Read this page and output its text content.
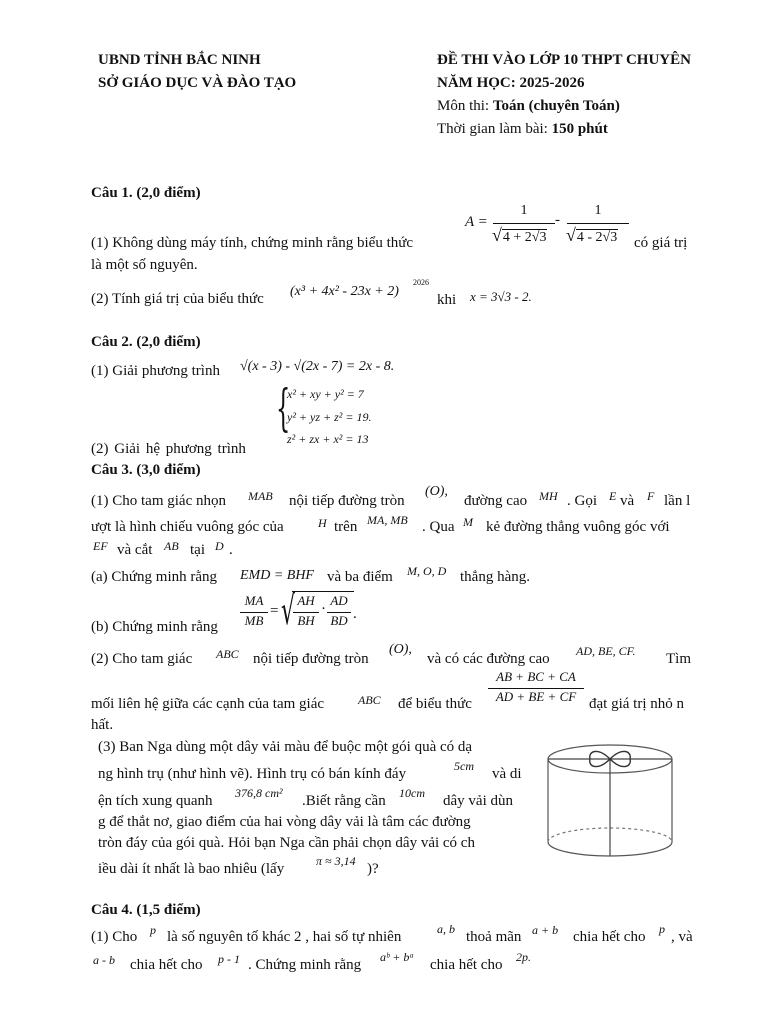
UBND TỈNH BẮC NINH
SỞ GIÁO DỤC VÀ ĐÀO TẠO
ĐỀ THI VÀO LỚP 10 THPT CHUYÊN
NĂM HỌC: 2025-2026
Môn thi: Toán (chuyên Toán)
Thời gian làm bài: 150 phút
Câu 1. (2,0 điểm)
A =
1
√4 + 2√3
-
1
√4 - 2√3
(1) Không dùng máy tính, chứng minh rằng biểu thức	có giá trị
là một số nguyên.
(2) Tính giá trị của biểu thức (x³ + 4x² - 23x + 2)
2026
khi x = 3√3 - 2.
Câu 2. (2,0 điểm)
(1) Giải phương trình √(x - 3) - √(2x - 7) = 2x - 8.
{
x² + xy + y² = 7
y² + yz + z² = 19.
z² + zx + x² = 13
(2) Giải hệ phương trình
Câu 3. (3,0 điểm)
(1) Cho tam giác nhọn MAB nội tiếp đường tròn
(O),
đường cao MH . Gọi E và F lần l
ượt là hình chiếu vuông góc của	H trên MA, MB . Qua M kẻ đường thẳng vuông góc với
EF và cắt AB tại D .
(a) Chứng minh rằng EMD = BHF và ba điểm M, O, D thẳng hàng.
(b) Chứng minh rằng
MA
MB
= √ AH
BH
·
AD
BD .
(2) Cho tam giác ABC nội tiếp đường tròn
(O),
và có các đường cao AD, BE, CF. Tìm
mối liên hệ giữa các cạnh của tam giác	ABC để biểu thức
AB + BC + CA
AD + BE + CF đạt giá trị nhỏ n
hất.
(3) Ban Nga dùng một dây vải màu để buộc một gói quà có dạ
ng hình trụ (như hình vẽ). Hình trụ có bán kính đáy	5cm và di
ện tích xung quanh 376,8 cm² .Biết rằng cần 10cm dây vải dùn
g để thắt nơ, giao điểm của hai vòng dây vải là tâm các đường
tròn đáy của gói quà. Hỏi bạn Nga cần phải chọn dây vải có ch
iều dài ít nhất là bao nhiêu (lấy	π ≈ 3,14 )?
Câu 4. (1,5 điểm)
(1) Cho p là số nguyên tố khác 2 , hai số tự nhiên	a, b thoả mãn a + b chia hết cho p , và
a - b chia hết cho p - 1 . Chứng minh rằng aᵇ + bᵃ chia hết cho 2p.
